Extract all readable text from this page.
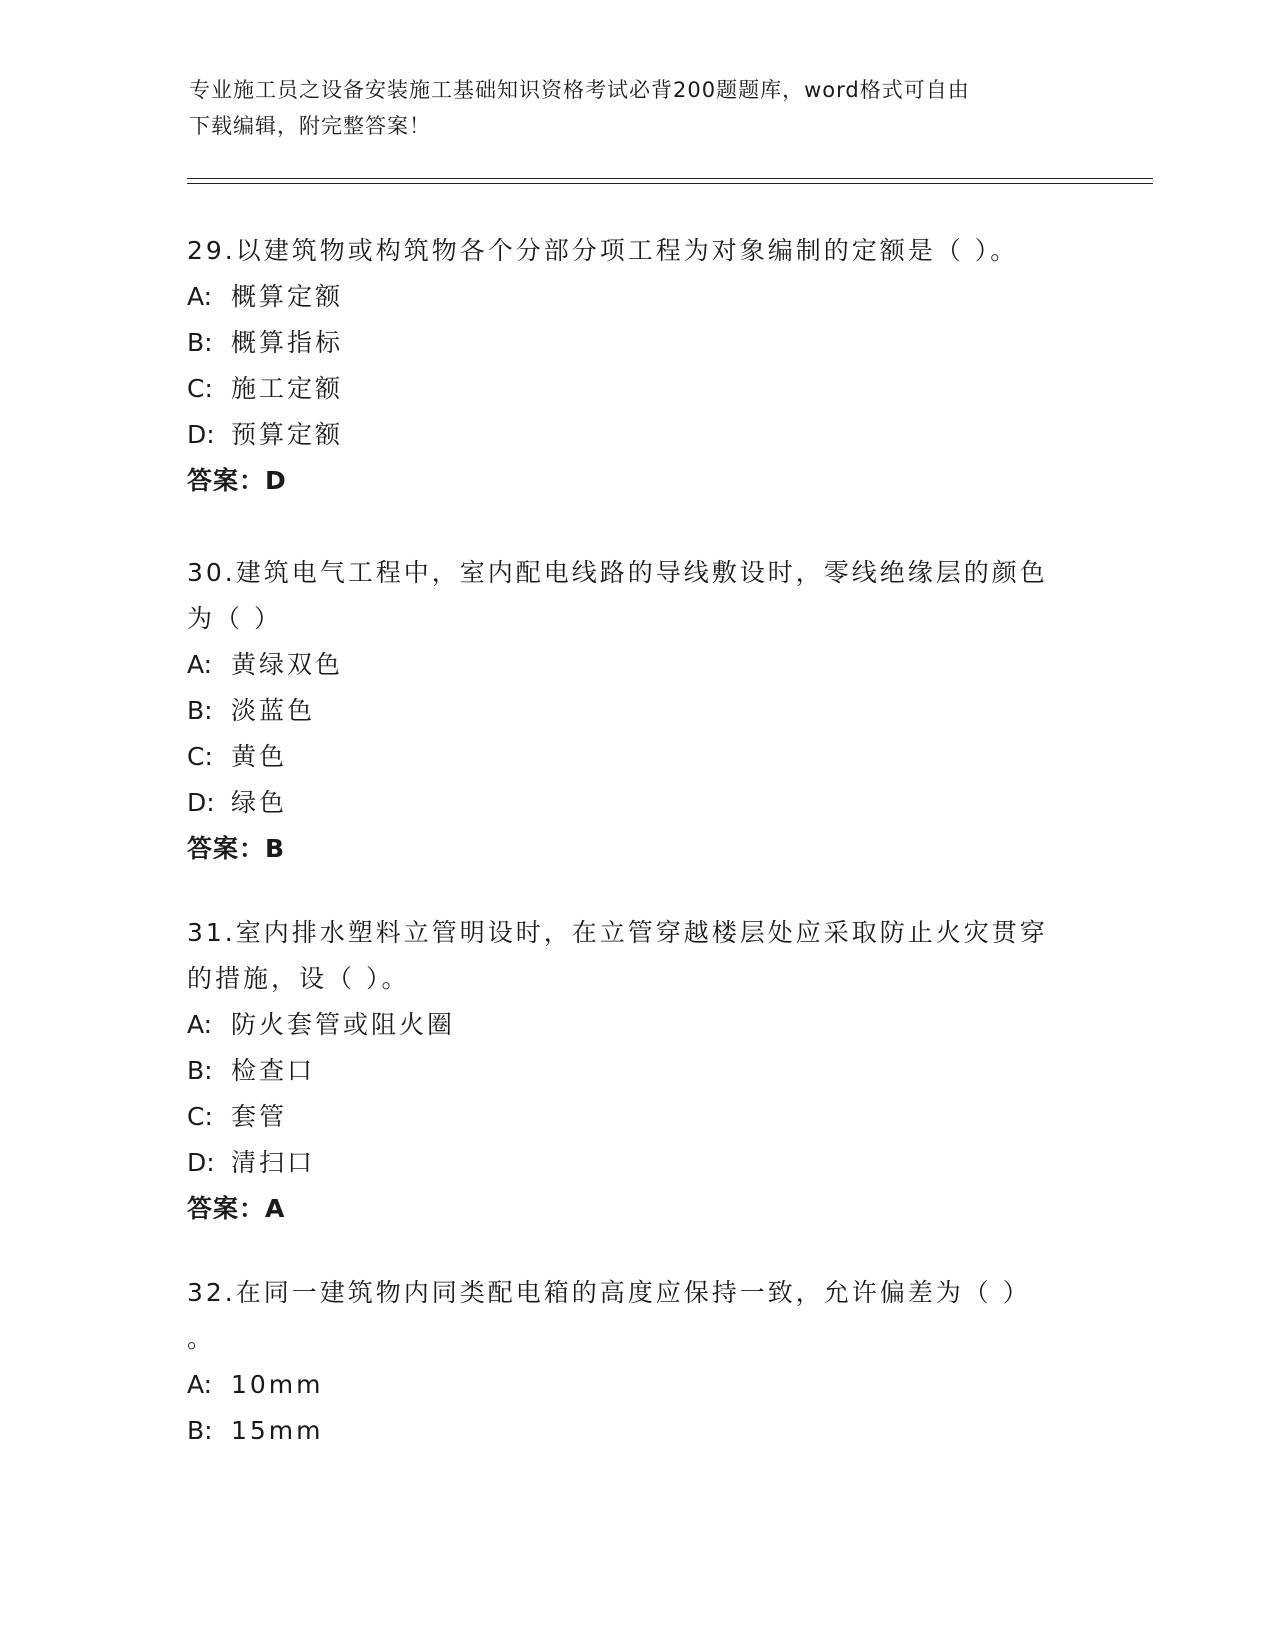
专业施工员之设备安装施工基础知识资格考试必背200题题库，word格式可自由
下载编辑，附完整答案！
29.以建筑物或构筑物各个分部分项工程为对象编制的定额是（ ）。
A: 概算定额
B: 概算指标
C: 施工定额
D: 预算定额
答案：D
30.建筑电气工程中，室内配电线路的导线敷设时，零线绝缘层的颜色
为（ ）
A: 黄绿双色
B: 淡蓝色
C: 黄色
D: 绿色
答案：B
31.室内排水塑料立管明设时，在立管穿越楼层处应采取防止火灾贯穿
的措施，设（ ）。
A: 防火套管或阻火圈
B: 检查口
C: 套管
D: 清扫口
答案：A
32.在同一建筑物内同类配电箱的高度应保持一致，允许偏差为（ ）
。
A: 10mm
B: 15mm
